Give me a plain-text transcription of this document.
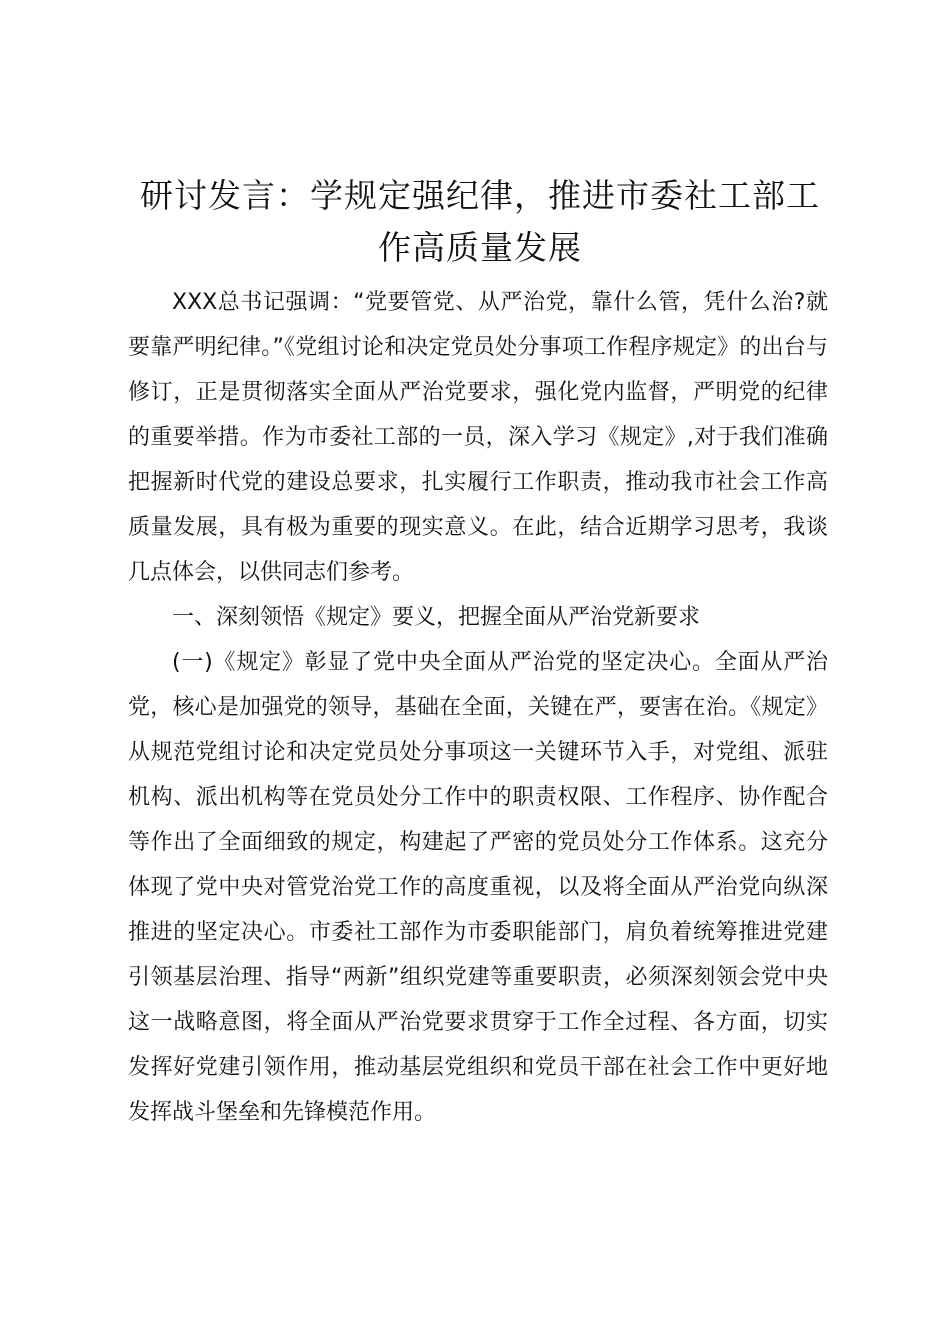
研讨发言：学规定强纪律，推进市委社工部工
作高质量发展

XXX总书记强调：“党要管党、从严治党，靠什么管，凭什么治?就要靠严明纪律。”《党组讨论和决定党员处分事项工作程序规定》的出台与修订，正是贯彻落实全面从严治党要求，强化党内监督，严明党的纪律的重要举措。作为市委社工部的一员，深入学习《规定》,对于我们准确把握新时代党的建设总要求，扎实履行工作职责，推动我市社会工作高质量发展，具有极为重要的现实意义。在此，结合近期学习思考，我谈几点体会，以供同志们参考。

一、深刻领悟《规定》要义，把握全面从严治党新要求

(一)《规定》彰显了党中央全面从严治党的坚定决心。全面从严治党，核心是加强党的领导，基础在全面，关键在严，要害在治。《规定》从规范党组讨论和决定党员处分事项这一关键环节入手，对党组、派驻机构、派出机构等在党员处分工作中的职责权限、工作程序、协作配合等作出了全面细致的规定，构建起了严密的党员处分工作体系。这充分体现了党中央对管党治党工作的高度重视，以及将全面从严治党向纵深推进的坚定决心。市委社工部作为市委职能部门，肩负着统筹推进党建引领基层治理、指导“两新”组织党建等重要职责，必须深刻领会党中央这一战略意图，将全面从严治党要求贯穿于工作全过程、各方面，切实发挥好党建引领作用，推动基层党组织和党员干部在社会工作中更好地发挥战斗堡垒和先锋模范作用。
